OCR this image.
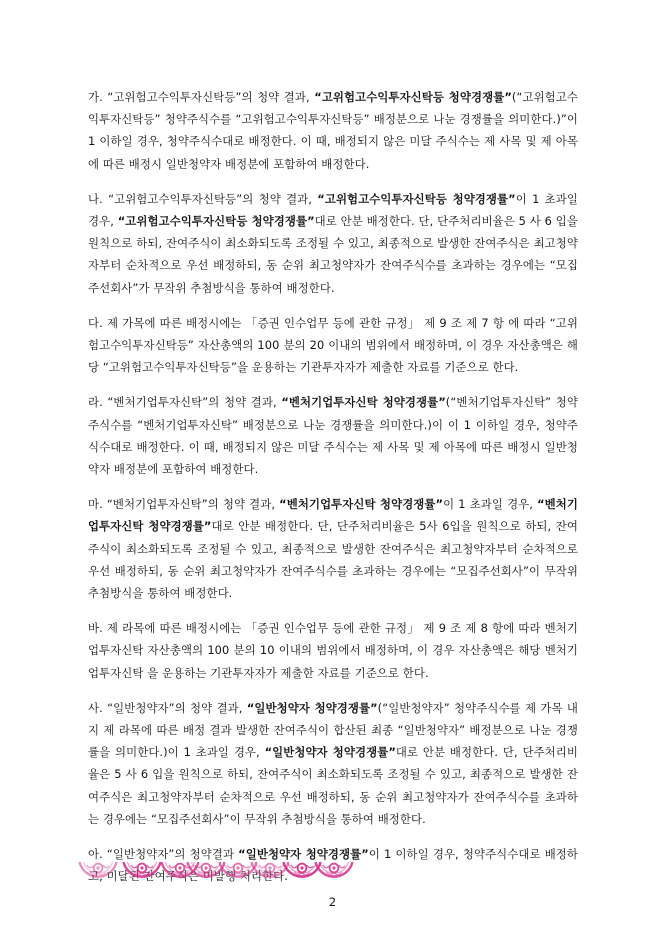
가. “고위험고수익투자신탁등”의 청약 결과, “고위험고수익투자신탁등 청약경쟁률”(“고위험고수익투자신탁등” 청약주식수를 “고위험고수익투자신탁등” 배정분으로 나눈 경쟁률을 의미한다.)”이 1 이하일 경우, 청약주식수대로 배정한다. 이 때, 배정되지 않은 미달 주식수는 제 사목 및 제 아목에 따른 배정시 일반청약자 배정분에 포함하여 배정한다.

나. “고위험고수익투자신탁등”의 청약 결과, “고위험고수익투자신탁등 청약경쟁률”이 1 초과일 경우, “고위험고수익투자신탁등 청약경쟁률”대로 안분 배정한다. 단, 단주처리비율은 5 사 6 입을 원칙으로 하되, 잔여주식이 최소화되도록 조정될 수 있고, 최종적으로 발생한 잔여주식은 최고청약자부터 순차적으로 우선 배정하되, 동 순위 최고청약자가 잔여주식수를 초과하는 경우에는 “모집주선회사”가 무작위 추첨방식을 통하여 배정한다.

다. 제 가목에 따른 배정시에는 「증권 인수업무 등에 관한 규정」 제 9 조 제 7 항 에 따라 “고위험고수익투자신탁등” 자산총액의 100 분의 20 이내의 범위에서 배정하며, 이 경우 자산총액은 해당 “고위험고수익투자신탁등”을 운용하는 기관투자자가 제출한 자료를 기준으로 한다.

라. “벤처기업투자신탁”의 청약 결과, “벤처기업투자신탁 청약경쟁률”(“벤처기업투자신탁” 청약주식수를 “벤처기업투자신탁” 배정분으로 나눈 경쟁률을 의미한다.)이 이 1 이하일 경우, 청약주식수대로 배정한다. 이 때, 배정되지 않은 미달 주식수는 제 사목 및 제 아목에 따른 배정시 일반청약자 배정분에 포함하여 배정한다.

마. “벤처기업투자신탁”의 청약 결과, “벤처기업투자신탁 청약경쟁률”이 1 초과일 경우, “벤처기업투자신탁 청약경쟁률”대로 안분 배정한다. 단, 단주처리비율은 5사 6입을 원칙으로 하되, 잔여주식이 최소화되도록 조정될 수 있고, 최종적으로 발생한 잔여주식은 최고청약자부터 순차적으로 우선 배정하되, 동 순위 최고청약자가 잔여주식수를 초과하는 경우에는 “모집주선회사”이 무작위 추첨방식을 통하여 배정한다.

바. 제 라목에 따른 배정시에는 「증권 인수업무 등에 관한 규정」 제 9 조 제 8 항에 따라 벤처기업투자신탁 자산총액의 100 분의 10 이내의 범위에서 배정하며, 이 경우 자산총액은 해당 벤처기업투자신탁 을 운용하는 기관투자자가 제출한 자료를 기준으로 한다.

사. “일반청약자”의 청약 결과, “일반청약자 청약경쟁률”(“일반청약자” 청약주식수를 제 가목 내지 제 라목에 따른 배정 결과 발생한 잔여주식이 합산된 최종 “일반청약자” 배정분으로 나눈 경쟁률을 의미한다.)이 1 초과일 경우, “일반청약자 청약경쟁률”대로 안분 배정한다. 단, 단주처리비율은 5 사 6 입을 원칙으로 하되, 잔여주식이 최소화되도록 조정될 수 있고, 최종적으로 발생한 잔여주식은 최고청약자부터 순차적으로 우선 배정하되, 동 순위 최고청약자가 잔여주식수를 초과하는 경우에는 “모집주선회사”이 무작위 추첨방식을 통하여 배정한다.

아. “일반청약자”의 청약결과 “일반청약자 청약경쟁률”이 1 이하일 경우, 청약주식수대로 배정하고, 미달된 잔여주식은 미발행 처리한다.

2
